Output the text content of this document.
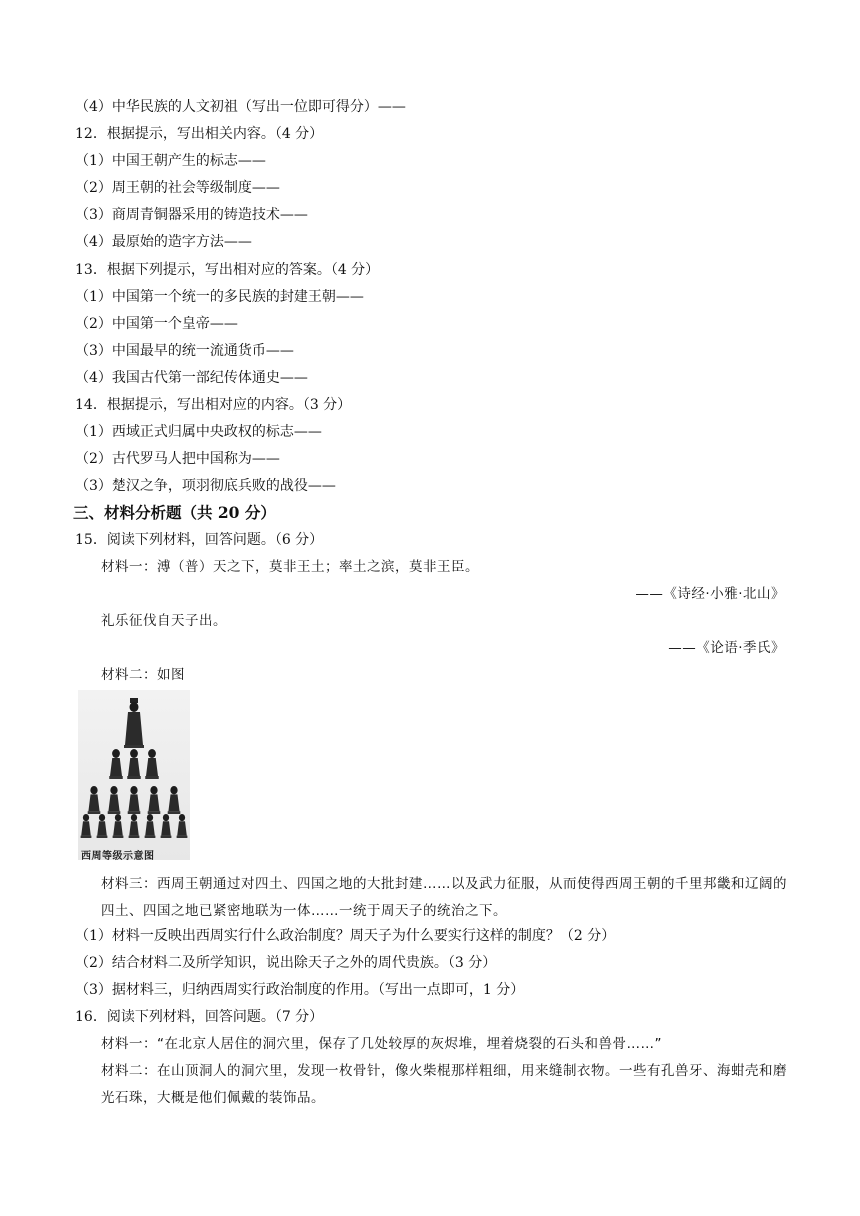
（4）中华民族的人文初祖（写出一位即可得分）——
12．根据提示，写出相关内容。（4 分）
（1）中国王朝产生的标志——
（2）周王朝的社会等级制度——
（3）商周青铜器采用的铸造技术——
（4）最原始的造字方法——
13．根据下列提示，写出相对应的答案。（4 分）
（1）中国第一个统一的多民族的封建王朝——
（2）中国第一个皇帝——
（3）中国最早的统一流通货币——
（4）我国古代第一部纪传体通史——
14．根据提示，写出相对应的内容。（3 分）
（1）西域正式归属中央政权的标志——
（2）古代罗马人把中国称为——
（3）楚汉之争，项羽彻底兵败的战役——
三、材料分析题（共 20 分）
15．阅读下列材料，回答问题。（6 分）
材料一：溥（普）天之下，莫非王土；率土之滨，莫非王臣。
——《诗经·小雅·北山》
礼乐征伐自天子出。
——《论语·季氏》
材料二：如图
西周等级示意图
材料三：西周王朝通过对四土、四国之地的大批封建……以及武力征服，从而使得西周王朝的千里邦畿和辽阔的四土、四国之地已紧密地联为一体……一统于周天子的统治之下。
（1）材料一反映出西周实行什么政治制度？周天子为什么要实行这样的制度？（2 分）
（2）结合材料二及所学知识，说出除天子之外的周代贵族。（3 分）
（3）据材料三，归纳西周实行政治制度的作用。（写出一点即可，1 分）
16．阅读下列材料，回答问题。（7 分）
材料一：“在北京人居住的洞穴里，保存了几处较厚的灰烬堆，埋着烧裂的石头和兽骨……”
材料二：在山顶洞人的洞穴里，发现一枚骨针，像火柴棍那样粗细，用来缝制衣物。一些有孔兽牙、海蚶壳和磨光石珠，大概是他们佩戴的装饰品。
